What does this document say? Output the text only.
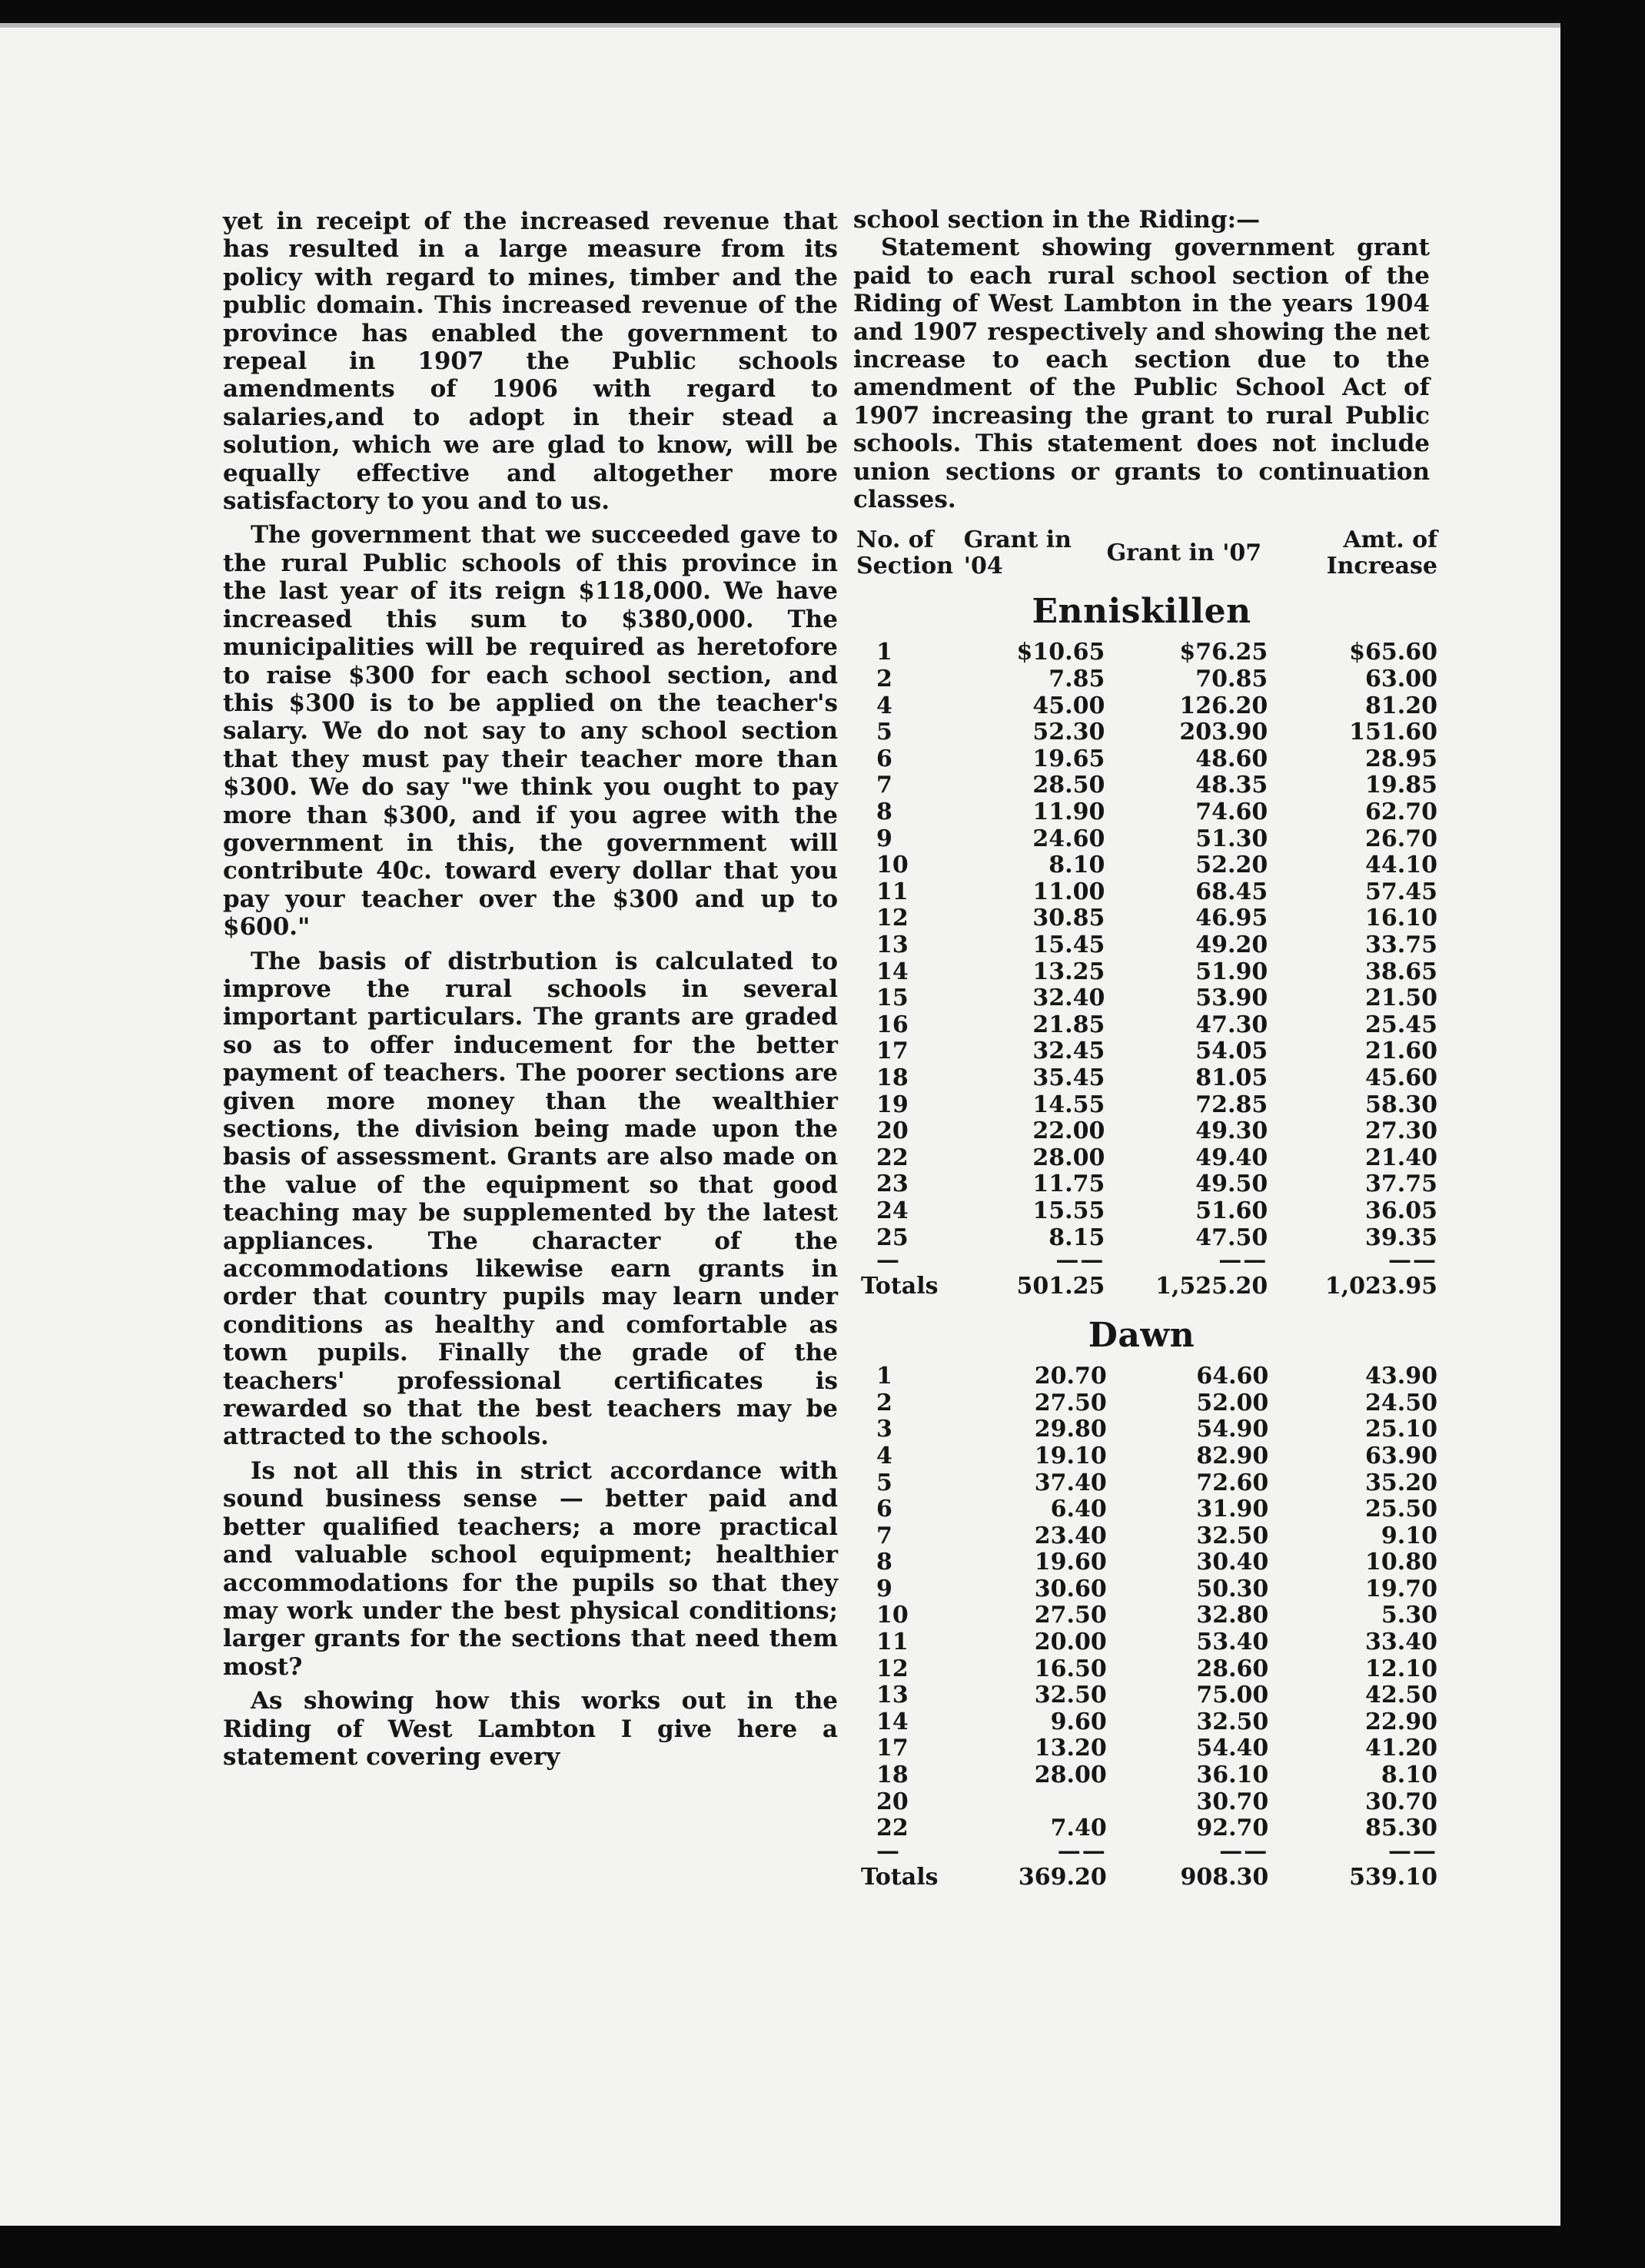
yet in receipt of the increased revenue that has resulted in a large measure from its policy with regard to mines, timber and the public domain. This increased revenue of the province has enabled the government to repeal in 1907 the Public schools amendments of 1906 with regard to salaries,and to adopt in their stead a solution, which we are glad to know, will be equally effective and altogether more satisfactory to you and to us.

The government that we succeeded gave to the rural Public schools of this province in the last year of its reign $118,000. We have increased this sum to $380,000. The municipalities will be required as heretofore to raise $300 for each school section, and this $300 is to be applied on the teacher's salary. We do not say to any school section that they must pay their teacher more than $300. We do say "we think you ought to pay more than $300, and if you agree with the government in this, the government will contribute 40c. toward every dollar that you pay your teacher over the $300 and up to $600."

The basis of distrbution is calculated to improve the rural schools in several important particulars. The grants are graded so as to offer inducement for the better payment of teachers. The poorer sections are given more money than the wealthier sections, the division being made upon the basis of assessment. Grants are also made on the value of the equipment so that good teaching may be supplemented by the latest appliances. The character of the accommodations likewise earn grants in order that country pupils may learn under conditions as healthy and comfortable as town pupils. Finally the grade of the teachers' professional certificates is rewarded so that the best teachers may be attracted to the schools.

Is not all this in strict accordance with sound business sense — better paid and better qualified teachers; a more practical and valuable school equipment; healthier accommodations for the pupils so that they may work under the best physical conditions; larger grants for the sections that need them most?

As showing how this works out in the Riding of West Lambton I give here a statement covering every

school section in the Riding:—

Statement showing government grant paid to each rural school section of the Riding of West Lambton in the years 1904 and 1907 respectively and showing the net increase to each section due to the amendment of the Public School Act of 1907 increasing the grant to rural Public schools. This statement does not include union sections or grants to continuation classes.

No. of Section	Grant in '04	Grant in '07	Amt. of Increase
Enniskillen
1	$10.65	$76.25	$65.60
2	7.85	70.85	63.00
4	45.00	126.20	81.20
5	52.30	203.90	151.60
6	19.65	48.60	28.95
7	28.50	48.35	19.85
8	11.90	74.60	62.70
9	24.60	51.30	26.70
10	8.10	52.20	44.10
11	11.00	68.45	57.45
12	30.85	46.95	16.10
13	15.45	49.20	33.75
14	13.25	51.90	38.65
15	32.40	53.90	21.50
16	21.85	47.30	25.45
17	32.45	54.05	21.60
18	35.45	81.05	45.60
19	14.55	72.85	58.30
20	22.00	49.30	27.30
22	28.00	49.40	21.40
23	11.75	49.50	37.75
24	15.55	51.60	36.05
25	8.15	47.50	39.35
—	——	——	——
Totals	501.25	1,525.20	1,023.95
Dawn
1	20.70	64.60	43.90
2	27.50	52.00	24.50
3	29.80	54.90	25.10
4	19.10	82.90	63.90
5	37.40	72.60	35.20
6	6.40	31.90	25.50
7	23.40	32.50	9.10
8	19.60	30.40	10.80
9	30.60	50.30	19.70
10	27.50	32.80	5.30
11	20.00	53.40	33.40
12	16.50	28.60	12.10
13	32.50	75.00	42.50
14	9.60	32.50	22.90
17	13.20	54.40	41.20
18	28.00	36.10	8.10
20		30.70	30.70
22	7.40	92.70	85.30
—	——	——	——
Totals	369.20	908.30	539.10
